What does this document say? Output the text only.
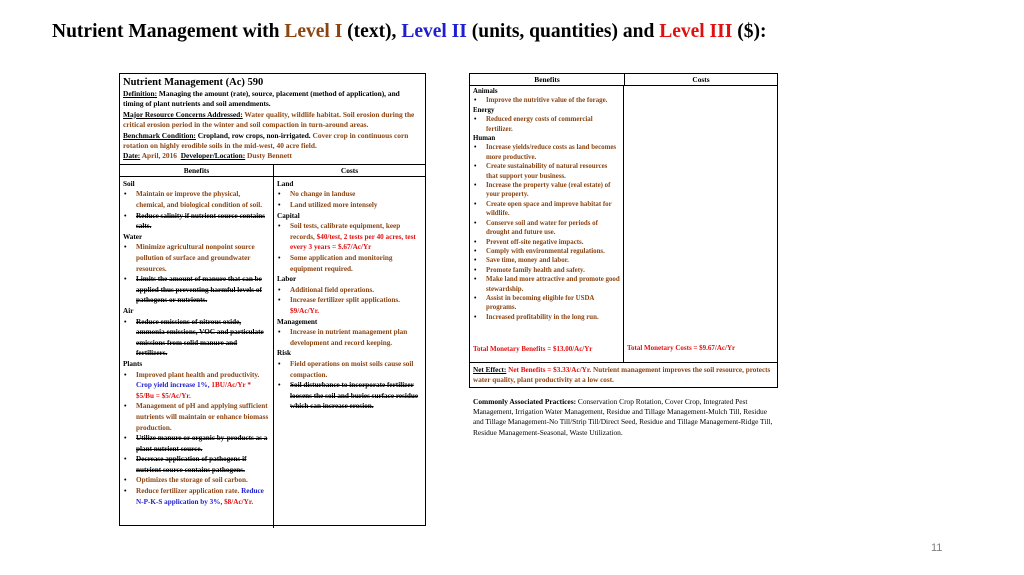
Nutrient Management with Level I (text), Level II (units, quantities) and Level III ($):
Nutrient Management (Ac) 590
Definition: Managing the amount (rate), source, placement (method of application), and timing of plant nutrients and soil amendments.
Major Resource Concerns Addressed: Water quality, wildlife habitat. Soil erosion during the critical erosion period in the winter and soil compaction in turn-around areas.
Benchmark Condition: Cropland, row crops, non-irrigated. Cover crop in continuous corn rotation on highly erodible soils in the mid-west, 40 acre field.
Date: April, 2016 Developer/Location: Dusty Bennett
Benefits
Soil
• Maintain or improve the physical, chemical, and biological condition of soil.
• Reduce salinity if nutrient source contains salts.
Water
• Minimize agricultural nonpoint source pollution of surface and groundwater resources.
• Limits the amount of manure that can be applied thus preventing harmful levels of pathogens or nutrients.
Air
• Reduce emissions of nitrous oxide, ammonia emissions, VOC and particulate emissions from solid manure and fertilizers.
Plants
• Improved plant health and productivity. Crop yield increase 1%, 1BU/Ac/Yr * $5/Bu = $5/Ac/Yr.
• Management of pH and applying sufficient nutrients will maintain or enhance biomass production.
• Utilize manure or organic by-products as a plant nutrient source.
• Decrease application of pathogens if nutrient source contains pathogens.
• Optimizes the storage of soil carbon.
• Reduce fertilizer application rate. Reduce N-P-K-S application by 3%, $8/Ac/Yr.
Costs
Land
• No change in landuse
• Land utilized more intensely
Capital
• Soil tests, calibrate equipment, keep records, $40/test, 2 tests per 40 acres, test every 3 years = $.67/Ac/Yr
• Some application and monitoring equipment required.
Labor
• Additional field operations.
• Increase fertilizer split applications. $9/Ac/Yr.
Management
• Increase in nutrient management plan development and record keeping.
Risk
• Field operations on moist soils cause soil compaction.
• Soil disturbance to incorporate fertilizer loosens the soil and buries surface residue which can increase erosion.
Benefits	Costs
Animals
• Improve the nutritive value of the forage.
Energy
• Reduced energy costs of commercial fertilizer.
Human
• Increase yields/reduce costs as land becomes more productive.
• Create sustainability of natural resources that support your business.
• Increase the property value (real estate) of your property.
• Create open space and improve habitat for wildlife.
• Conserve soil and water for periods of drought and future use.
• Prevent off-site negative impacts.
• Comply with environmental regulations.
• Save time, money and labor.
• Promote family health and safety.
• Make land more attractive and promote good stewardship.
• Assist in becoming eligible for USDA programs.
• Increased profitability in the long run.
Total Monetary Benefits = $13.00/Ac/Yr	Total Monetary Costs = $9.67/Ac/Yr
Net Effect: Net Benefits = $3.33/Ac/Yr. Nutrient management improves the soil resource, protects water quality, plant productivity at a low cost.
Commonly Associated Practices: Conservation Crop Rotation, Cover Crop, Integrated Pest Management, Irrigation Water Management, Residue and Tillage Management-Mulch Till, Residue and Tillage Management-No Till/Strip Till/Direct Seed, Residue and Tillage Management-Ridge Till, Residue Management-Seasonal, Waste Utilization.
11
